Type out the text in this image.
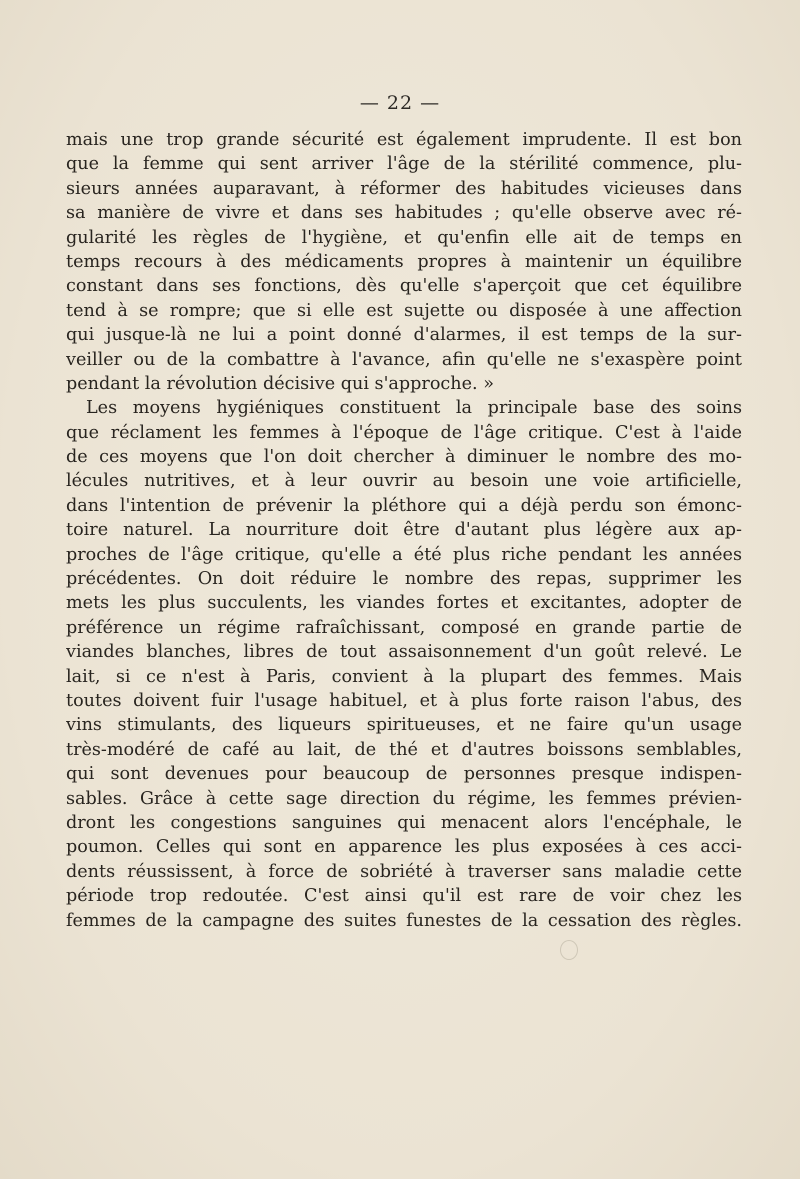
— 22 —
mais une trop grande sécurité est également imprudente. Il est bon
que la femme qui sent arriver l'âge de la stérilité commence, plu-
sieurs années auparavant, à réformer des habitudes vicieuses dans
sa manière de vivre et dans ses habitudes ; qu'elle observe avec ré-
gularité les règles de l'hygiène, et qu'enfin elle ait de temps en
temps recours à des médicaments propres à maintenir un équilibre
constant dans ses fonctions, dès qu'elle s'aperçoit que cet équilibre
tend à se rompre; que si elle est sujette ou disposée à une affection
qui jusque-là ne lui a point donné d'alarmes, il est temps de la sur-
veiller ou de la combattre à l'avance, afin qu'elle ne s'exaspère point
pendant la révolution décisive qui s'approche. »
Les moyens hygiéniques constituent la principale base des soins
que réclament les femmes à l'époque de l'âge critique. C'est à l'aide
de ces moyens que l'on doit chercher à diminuer le nombre des mo-
lécules nutritives, et à leur ouvrir au besoin une voie artificielle,
dans l'intention de prévenir la pléthore qui a déjà perdu son émonc-
toire naturel. La nourriture doit être d'autant plus légère aux ap-
proches de l'âge critique, qu'elle a été plus riche pendant les années
précédentes. On doit réduire le nombre des repas, supprimer les
mets les plus succulents, les viandes fortes et excitantes, adopter de
préférence un régime rafraîchissant, composé en grande partie de
viandes blanches, libres de tout assaisonnement d'un goût relevé. Le
lait, si ce n'est à Paris, convient à la plupart des femmes. Mais
toutes doivent fuir l'usage habituel, et à plus forte raison l'abus, des
vins stimulants, des liqueurs spiritueuses, et ne faire qu'un usage
très-modéré de café au lait, de thé et d'autres boissons semblables,
qui sont devenues pour beaucoup de personnes presque indispen-
sables. Grâce à cette sage direction du régime, les femmes prévien-
dront les congestions sanguines qui menacent alors l'encéphale, le
poumon. Celles qui sont en apparence les plus exposées à ces acci-
dents réussissent, à force de sobriété à traverser sans maladie cette
période trop redoutée. C'est ainsi qu'il est rare de voir chez les
femmes de la campagne des suites funestes de la cessation des règles.
